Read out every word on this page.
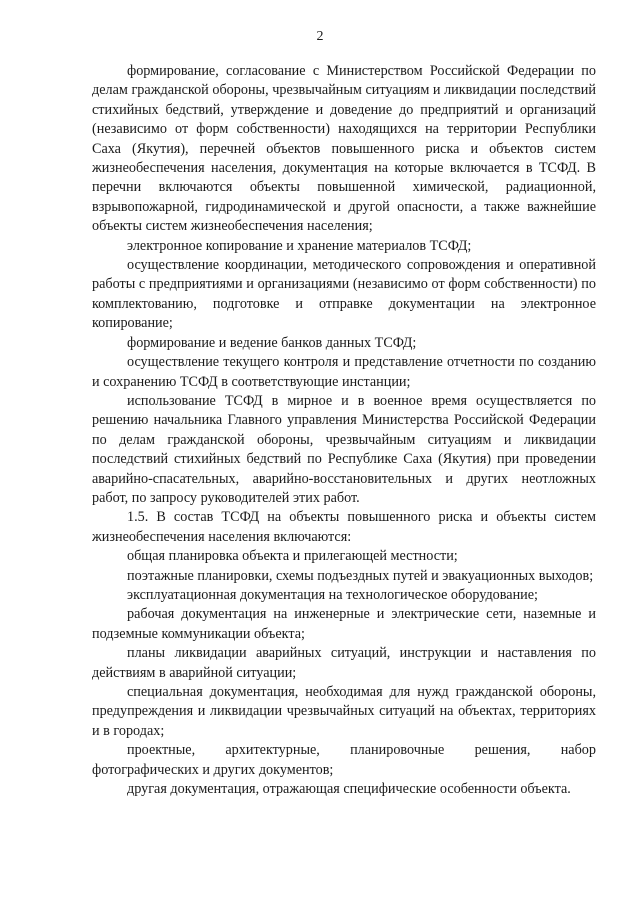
2

формирование, согласование с Министерством Российской Федерации по делам гражданской обороны, чрезвычайным ситуациям и ликвидации последствий стихийных бедствий, утверждение и доведение до предприятий и организаций (независимо от форм собственности) находящихся на территории Республики Саха (Якутия), перечней объектов повышенного риска и объектов систем жизнеобеспечения населения, документация на которые включается в ТСФД. В перечни включаются объекты повышенной химической, радиационной, взрывопожарной, гидродинамической и другой опасности, а также важнейшие объекты систем жизнеобеспечения населения;

электронное копирование и хранение материалов ТСФД;

осуществление координации, методического сопровождения и оперативной работы с предприятиями и организациями (независимо от форм собственности) по комплектованию, подготовке и отправке документации на электронное копирование;

формирование и ведение банков данных ТСФД;

осуществление текущего контроля и представление отчетности по созданию и сохранению ТСФД в соответствующие инстанции;

использование ТСФД в мирное и в военное время осуществляется по решению начальника Главного управления Министерства Российской Федерации по делам гражданской обороны, чрезвычайным ситуациям и ликвидации последствий стихийных бедствий по Республике Саха (Якутия) при проведении аварийно-спасательных, аварийно-восстановительных и других неотложных работ, по запросу руководителей этих работ.

1.5. В состав ТСФД на объекты повышенного риска и объекты систем жизнеобеспечения населения включаются:

общая планировка объекта и прилегающей местности;

поэтажные планировки, схемы подъездных путей и эвакуационных выходов;

эксплуатационная документация на технологическое оборудование;

рабочая документация на инженерные и электрические сети, наземные и подземные коммуникации объекта;

планы ликвидации аварийных ситуаций, инструкции и наставления по действиям в аварийной ситуации;

специальная документация, необходимая для нужд гражданской обороны, предупреждения и ликвидации чрезвычайных ситуаций на объектах, территориях и в городах;

проектные, архитектурные, планировочные решения, набор фотографических и других документов;

другая документация, отражающая специфические особенности объекта.
